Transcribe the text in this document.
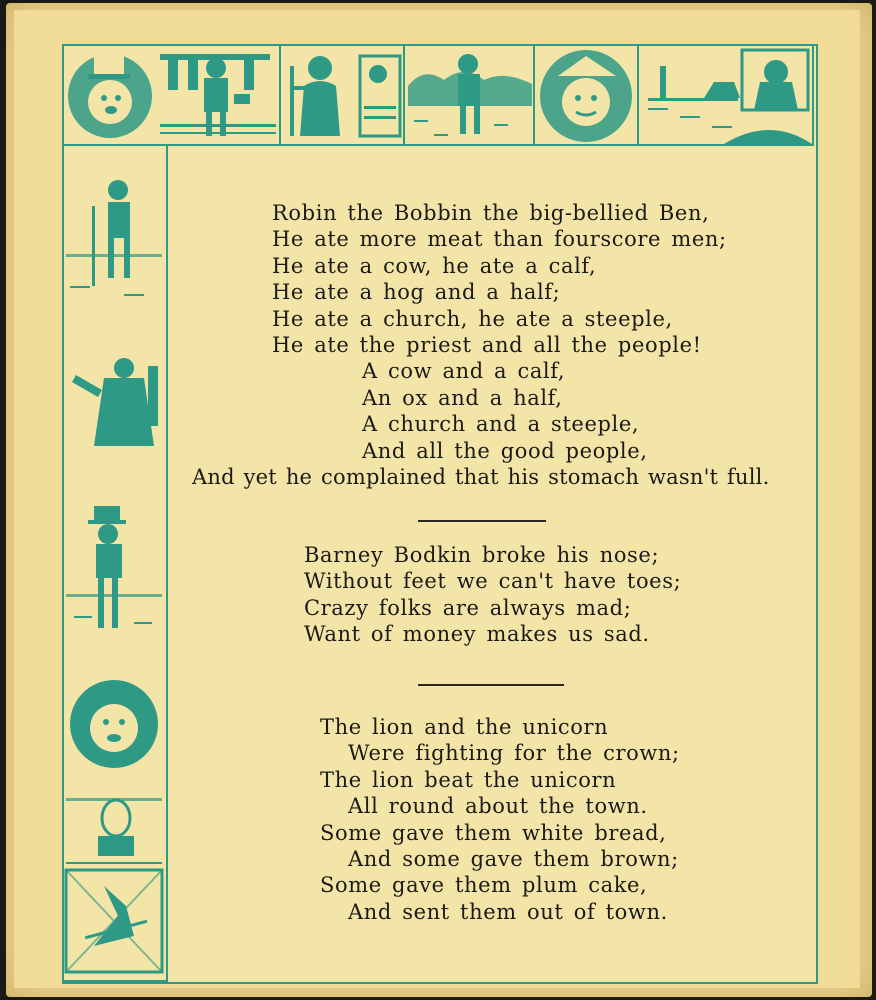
Robin the Bobbin the big-bellied Ben,
He ate more meat than fourscore men;
He ate a cow, he ate a calf,
He ate a hog and a half;
He ate a church, he ate a steeple,
He ate the priest and all the people!
A cow and a calf,
An ox and a half,
A church and a steeple,
And all the good people,
And yet he complained that his stomach wasn't full.
Barney Bodkin broke his nose;
Without feet we can't have toes;
Crazy folks are always mad;
Want of money makes us sad.
The lion and the unicorn
Were fighting for the crown;
The lion beat the unicorn
All round about the town.
Some gave them white bread,
And some gave them brown;
Some gave them plum cake,
And sent them out of town.
